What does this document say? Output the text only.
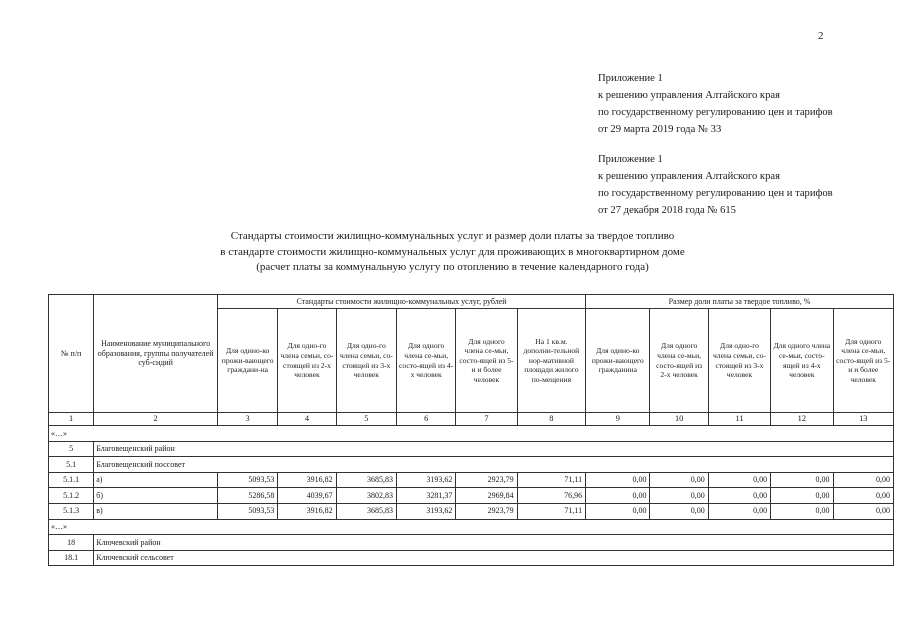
2
Приложение 1
к решению управления Алтайского края
по государственному регулированию цен и тарифов
от 29 марта 2019 года № 33
Приложение 1
к решению управления Алтайского края
по государственному регулированию цен и тарифов
от 27 декабря 2018 года № 615
Стандарты стоимости жилищно-коммунальных услуг и размер доли платы за твердое топливо
в стандарте стоимости жилищно-коммунальных услуг для проживающих в многоквартирном доме
(расчет платы за коммунальную услугу по отоплению в течение календарного года)
№ п/п	Наименование муниципального образования, группы получателей суб-сидий	Стандарты стоимости жилищно-коммунальных услуг, рублей						Размер доли платы за твердое топливо, %				
		Для одино-ко прожи-вающего граждани-на	Для одно-го члена семьи, со-стоящей из 2-х человек	Для одно-го члена семьи, со-стоящей из 3-х человек	Для одного члена се-мьи, состо-ящей из 4-х человек	Для одного члена се-мьи, состо-ящей из 5-и и более человек	На 1 кв.м. дополни-тельной нор-мативной площади жилого по-мещения	Для одино-ко прожи-вающего гражданина	Для одного члена се-мьи, состо-ящей из 2-х человек	Для одно-го члена семьи, со-стоящей из 3-х человек	Для одного члена се-мьи, состо-ящей из 4-х человек	Для одного члена се-мьи, состо-ящей из 5-и и более человек
1	2	3	4	5	6	7	8	9	10	11	12	13
«…»												
5	Благовещенский район											
5.1	Благовещенский поссовет											
5.1.1	а)	5093,53	3916,82	3685,83	3193,62	2923,79	71,11	0,00	0,00	0,00	0,00	0,00
5.1.2	б)	5286,58	4039,67	3802,83	3281,37	2969,84	76,96	0,00	0,00	0,00	0,00	0,00
5.1.3	в)	5093,53	3916,82	3685,83	3193,62	2923,79	71,11	0,00	0,00	0,00	0,00	0,00
«…»												
18	Ключевский район											
18.1	Ключевский сельсовет											
